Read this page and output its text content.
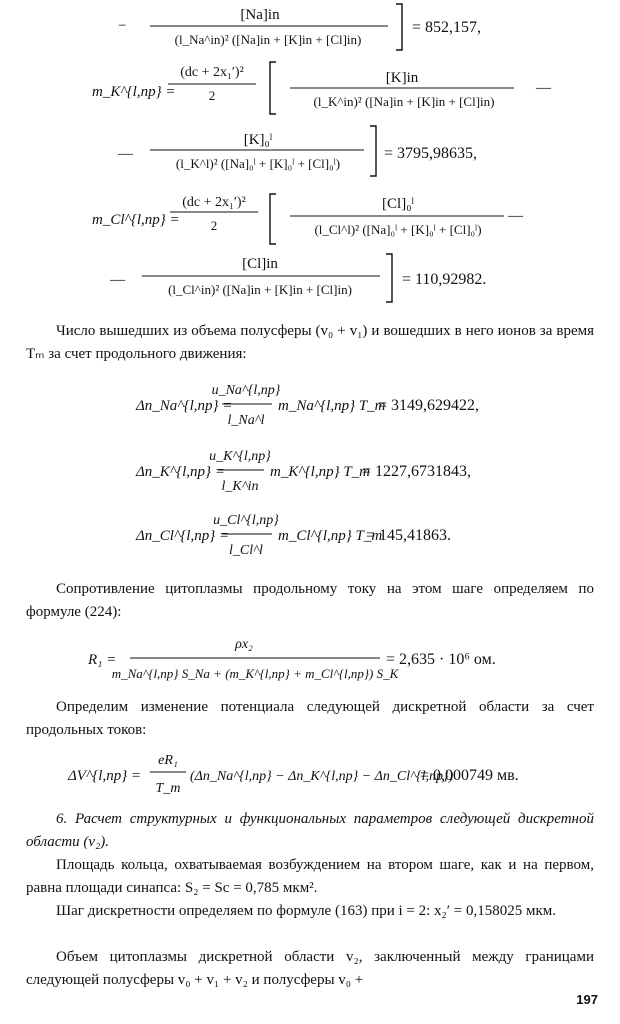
−
[Na]in
(l_Na^in)² ([Na]in + [K]in + [Cl]in)
= 852,157,
m_K^{l,пр} =
(dc + 2x₁′)²
2
[K]in
(l_K^in)² ([Na]in + [K]in + [Cl]in)
—
—
[K]₀ˡ
(l_K^l)² ([Na]₀ˡ + [K]₀ˡ + [Cl]₀ˡ)
= 3795,98635,
m_Cl^{l,пр} =
(dc + 2x₁′)²
2
[Cl]₀ˡ
(l_Cl^l)² ([Na]₀ˡ + [K]₀ˡ + [Cl]₀ˡ)
—
—
[Cl]in
(l_Cl^in)² ([Na]in + [K]in + [Cl]in)
= 110,92982.
Число вышедших из объема полусферы (v₀ + v₁) и вошедших в него ионов за время Tₘ за счет продольного движения:
Δn_Na^{l,пр} =
u_Na^{l,пр}
l_Na^l
m_Na^{l,пр} T_m
= 3149,629422,
Δn_K^{l,пр} =
u_K^{l,пр}
l_K^in
m_K^{l,пр} T_m
= 1227,6731843,
Δn_Cl^{l,пр} =
u_Cl^{l,пр}
l_Cl^l
m_Cl^{l,пр} T_m
= 145,41863.
Сопротивление цитоплазмы продольному току на этом шаге определяем по формуле (224):
R₁ =
ρx₂
m_Na^{l,пр} S_Na + (m_K^{l,пр} + m_Cl^{l,пр}) S_K
= 2,635 · 10⁶ ом.
Определим изменение потенциала следующей дискретной области за счет продольных токов:
ΔV^{l,пр} =
eR₁
T_m
(Δn_Na^{l,пр} − Δn_K^{l,пр} − Δn_Cl^{l,пр})
= 0,000749 мв.
6. Расчет структурных и функциональных параметров следующей дискретной области (v₂).
Площадь кольца, охватываемая возбуждением на втором шаге, как и на первом, равна площади синапса: S₂ = Sс = 0,785 мкм².
Шаг дискретности определяем по формуле (163) при i = 2: x₂′ = 0,158025 мкм.
Объем цитоплазмы дискретной области v₂, заключенный между границами следующей полусферы v₀ + v₁ + v₂ и полусферы v₀ +
197
